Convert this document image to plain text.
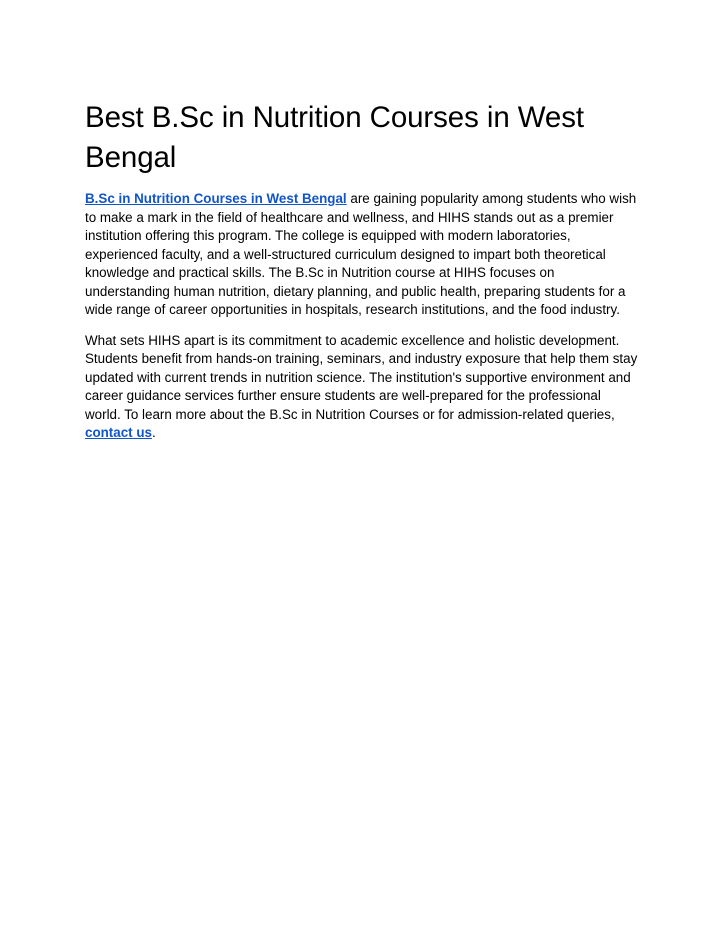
Best B.Sc in Nutrition Courses in West Bengal

B.Sc in Nutrition Courses in West Bengal are gaining popularity among students who wish to make a mark in the field of healthcare and wellness, and HIHS stands out as a premier institution offering this program. The college is equipped with modern laboratories, experienced faculty, and a well-structured curriculum designed to impart both theoretical knowledge and practical skills. The B.Sc in Nutrition course at HIHS focuses on understanding human nutrition, dietary planning, and public health, preparing students for a wide range of career opportunities in hospitals, research institutions, and the food industry.

What sets HIHS apart is its commitment to academic excellence and holistic development. Students benefit from hands-on training, seminars, and industry exposure that help them stay updated with current trends in nutrition science. The institution's supportive environment and career guidance services further ensure students are well-prepared for the professional world. To learn more about the B.Sc in Nutrition Courses or for admission-related queries, contact us.
